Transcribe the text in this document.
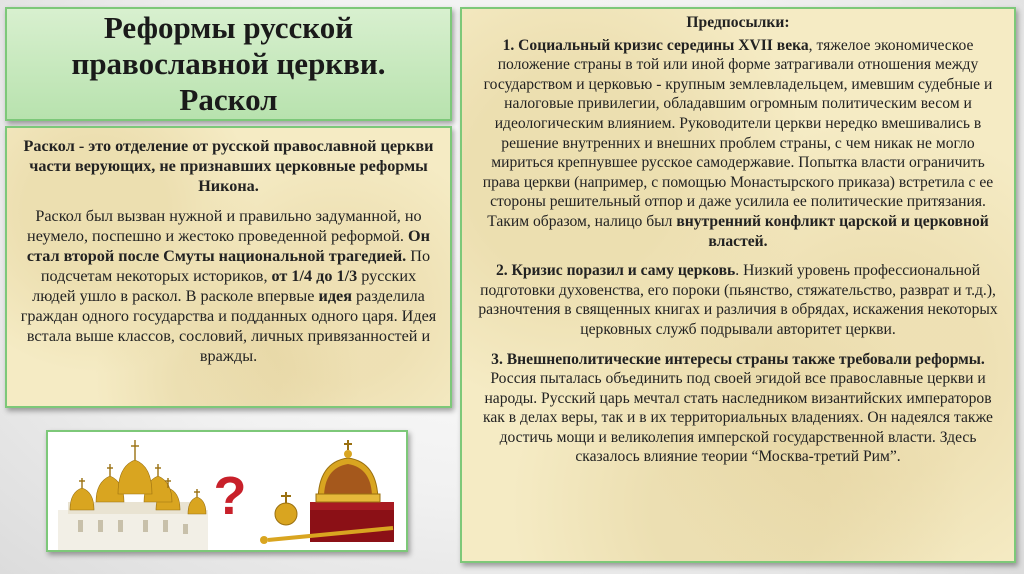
Реформы русской
православной церкви.
Раскол

Раскол - это отделение от русской православной церкви части верующих, не признавших церковные реформы Никона.

Раскол был вызван нужной и правильно задуманной, но неумело, поспешно и жестоко проведенной реформой. Он стал второй после Смуты национальной трагедией. По подсчетам некоторых историков, от 1/4 до 1/3 русских людей ушло в раскол. В расколе впервые идея разделила граждан одного государства и подданных одного царя. Идея встала выше классов, сословий, личных привязанностей и вражды.

?

Предпосылки:

1. Социальный кризис середины XVII века, тяжелое экономическое положение страны в той или иной форме затрагивали отношения между государством и церковью - крупным землевладельцем, имевшим судебные и налоговые привилегии, обладавшим огромным политическим весом и идеологическим влиянием. Руководители церкви нередко вмешивались в решение внутренних и внешних проблем страны, с чем никак не могло мириться крепнувшее русское самодержавие. Попытка власти ограничить права церкви (например, с помощью Монастырского приказа) встретила с ее стороны решительный отпор и даже усилила ее политические притязания. Таким образом, налицо был внутренний конфликт царской и церковной властей.

2. Кризис поразил и саму церковь. Низкий уровень профессиональной подготовки духовенства, его пороки (пьянство, стяжательство, разврат и т.д.), разночтения в священных книгах и различия в обрядах, искажения некоторых церковных служб подрывали авторитет церкви.

3. Внешнеполитические интересы страны также требовали реформы. Россия пыталась объединить под своей эгидой все православные церкви и народы. Русский царь мечтал стать наследником византийских императоров как в делах веры, так и в их территориальных владениях. Он надеялся также достичь мощи и великолепия имперской государственной власти. Здесь сказалось влияние теории “Москва-третий Рим”.
